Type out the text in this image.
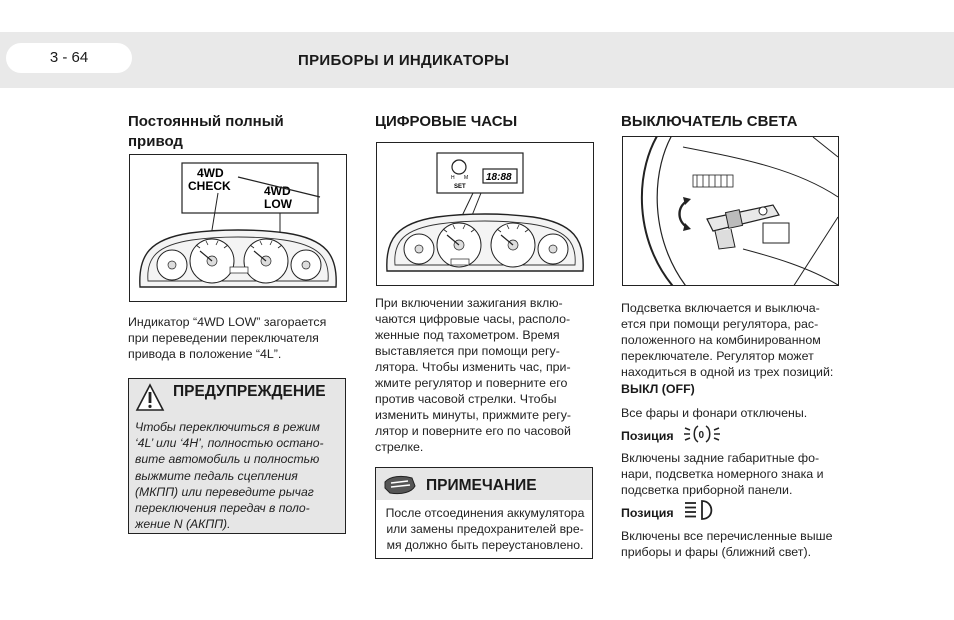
3 - 64	ПРИБОРЫ И ИНДИКАТОРЫ

Постоянный полный

привод

4WD
CHECK	4WD
LOW
Индикатор “4WD LOW” загорается
при переведении переключателя
привода в положение “4L”.
ПРЕДУПРЕЖДЕНИЕ
Чтобы переключиться в режим
‘4L’ или ‘4H’, полностью остано-
вите автомобиль и полностью
выжмите педаль сцепления
(МКПП) или переведите рычаг
переключения передач в поло-
жение N (АКПП).

ЦИФРОВЫЕ ЧАСЫ

H M
SET
18:88
При включении зажигания вклю-
чаются цифровые часы, располо-
женные под тахометром. Время
выставляется при помощи регу-
лятора. Чтобы изменить час, при-
жмите регулятор и поверните его
против часовой стрелки. Чтобы
изменить минуты, прижмите регу-
лятор и поверните его по часовой
стрелке.
ПРИМЕЧАНИЕ
После отсоединения аккумулятора
или замены предохранителей вре-
мя должно быть переустановлено.

ВЫКЛЮЧАТЕЛЬ СВЕТА

Подсветка включается и выключа-
ется при помощи регулятора, рас-
положенного на комбинированном
переключателе. Регулятор может
находиться в одной из трех позиций:
ВЫКЛ (OFF)
Все фары и фонари отключены.
Позиция 0
Включены задние габаритные фо-
нари, подсветка номерного знака и
подсветка приборной панели.
Позиция
Включены все перечисленные выше
приборы и фары (ближний свет).
